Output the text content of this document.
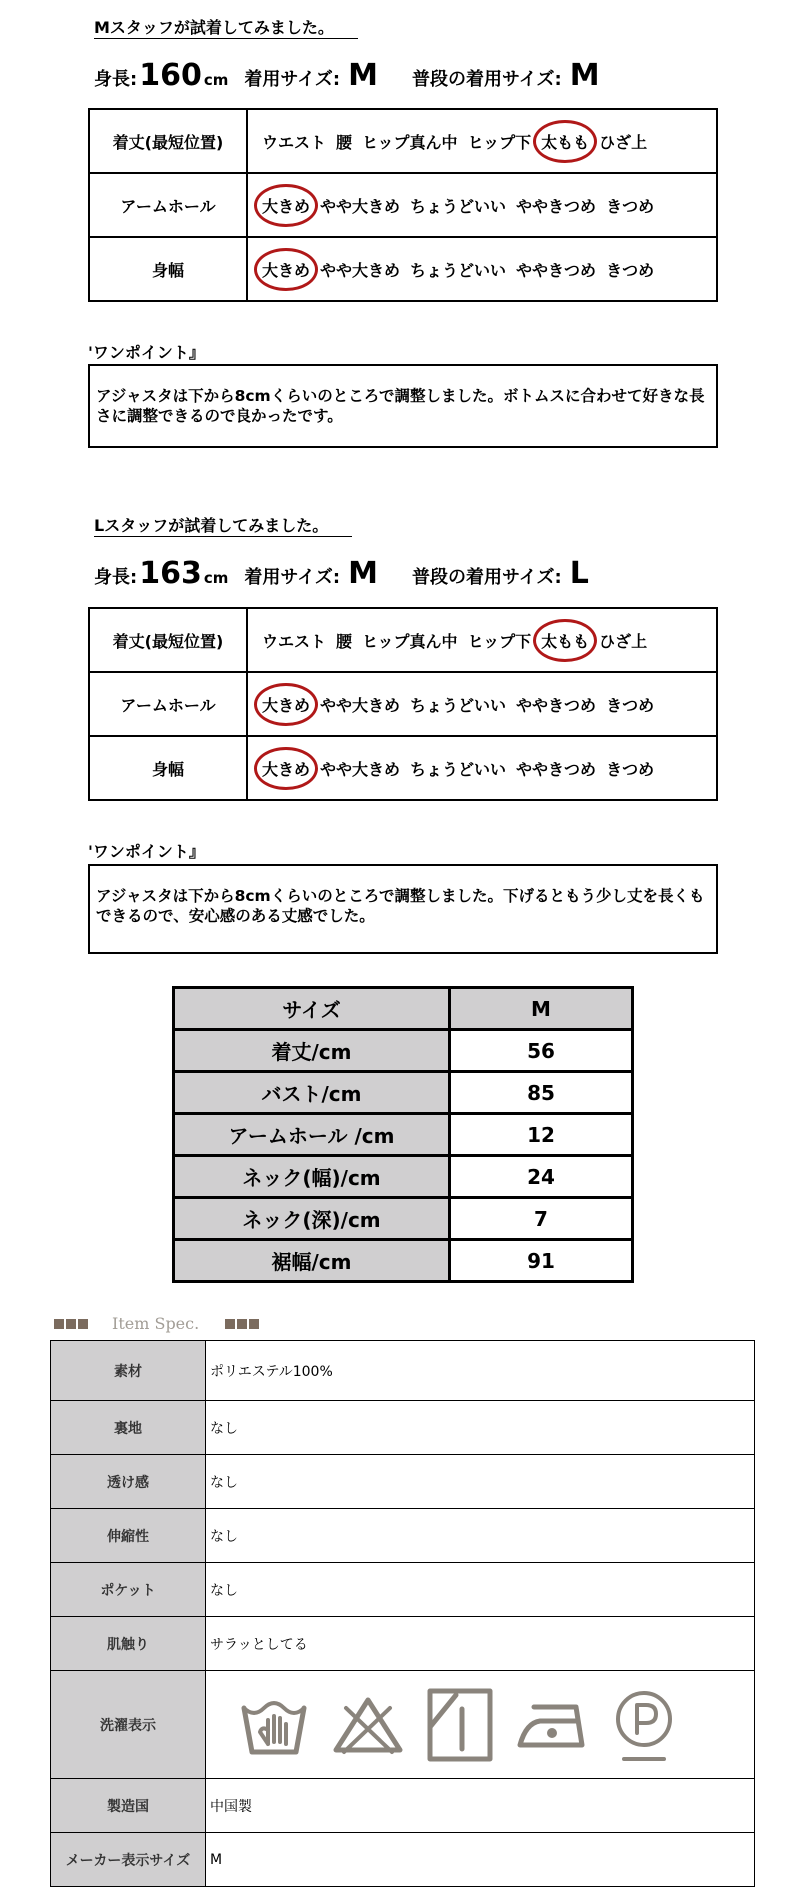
Mスタッフが試着してみました。
身長: 160 cm 着用サイズ: M 普段の着用サイズ: M
着丈(最短位置)	ウエスト 腰 ヒップ真ん中 ヒップ下 太もも ひざ上
アームホール	大きめ やや大きめ ちょうどいい ややきつめ きつめ
身幅	大きめ やや大きめ ちょうどいい ややきつめ きつめ
'ワンポイント』
アジャスタは下から8cmくらいのところで調整しました。ボトムスに合わせて好きな長さに調整できるので良かったです。
Lスタッフが試着してみました。
身長: 163 cm 着用サイズ: M 普段の着用サイズ: L
着丈(最短位置)	ウエスト 腰 ヒップ真ん中 ヒップ下 太もも ひざ上
アームホール	大きめ やや大きめ ちょうどいい ややきつめ きつめ
身幅	大きめ やや大きめ ちょうどいい ややきつめ きつめ
'ワンポイント』
アジャスタは下から8cmくらいのところで調整しました。下げるともう少し丈を長くもできるので、安心感のある丈感でした。
サイズ	M
着丈/cm	56
バスト/cm	85
アームホール /cm	12
ネック(幅)/cm	24
ネック(深)/cm	7
裾幅/cm	91
Item Spec.
素材	ポリエステル100%
裏地	なし
透け感	なし
伸縮性	なし
ポケット	なし
肌触り	サラッとしてる
洗濯表示	

製造国	中国製
メーカー表示サイズ	M
